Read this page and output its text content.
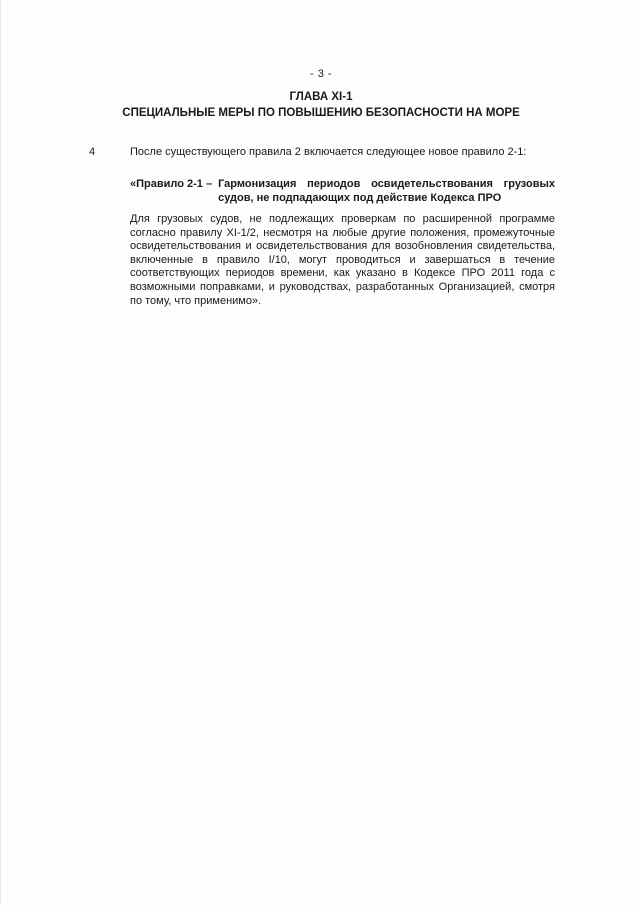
- 3 -
ГЛАВА XI-1
СПЕЦИАЛЬНЫЕ МЕРЫ ПО ПОВЫШЕНИЮ БЕЗОПАСНОСТИ НА МОРЕ
4	После существующего правила 2 включается следующее новое правило 2-1:
«Правило 2-1 – Гармонизация периодов освидетельствования грузовых судов, не подпадающих под действие Кодекса ПРО
Для грузовых судов, не подлежащих проверкам по расширенной программе согласно правилу XI-1/2, несмотря на любые другие положения, промежуточные освидетельствования и освидетельствования для возобновления свидетельства, включенные в правило I/10, могут проводиться и завершаться в течение соответствующих периодов времени, как указано в Кодексе ПРО 2011 года с возможными поправками, и руководствах, разработанных Организацией, смотря по тому, что применимо».
